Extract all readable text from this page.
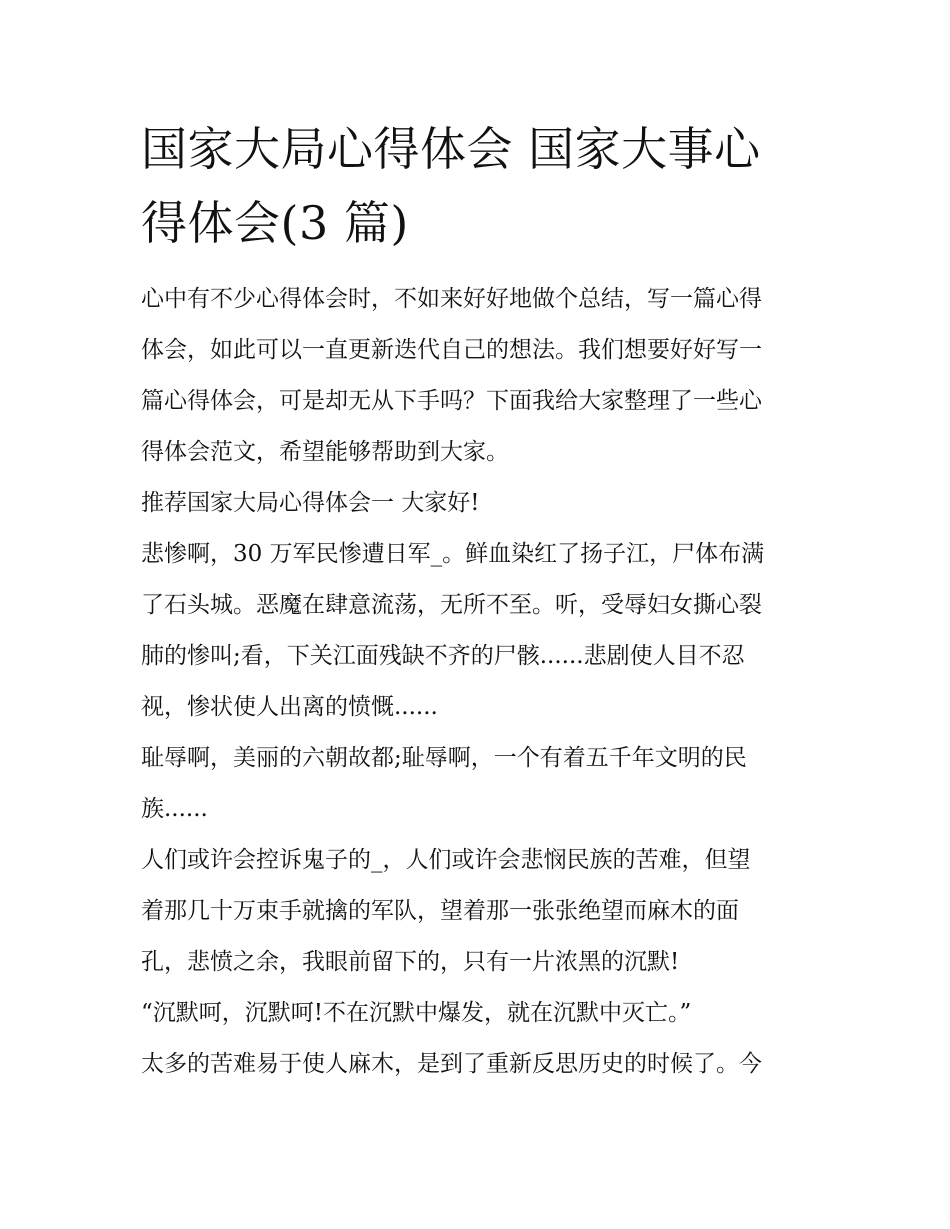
国家大局心得体会 国家大事心
得体会(3 篇)
心中有不少心得体会时，不如来好好地做个总结，写一篇心得
体会，如此可以一直更新迭代自己的想法。我们想要好好写一
篇心得体会，可是却无从下手吗？下面我给大家整理了一些心
得体会范文，希望能够帮助到大家。
推荐国家大局心得体会一 大家好!
悲惨啊，30 万军民惨遭日军_。鲜血染红了扬子江，尸体布满
了石头城。恶魔在肆意流荡，无所不至。听，受辱妇女撕心裂
肺的惨叫;看，下关江面残缺不齐的尸骸......悲剧使人目不忍
视，惨状使人出离的愤慨......
耻辱啊，美丽的六朝故都;耻辱啊，一个有着五千年文明的民
族......
人们或许会控诉鬼子的_，人们或许会悲悯民族的苦难，但望
着那几十万束手就擒的军队，望着那一张张绝望而麻木的面
孔，悲愤之余，我眼前留下的，只有一片浓黑的沉默!
“沉默呵，沉默呵!不在沉默中爆发，就在沉默中灭亡。”
太多的苦难易于使人麻木，是到了重新反思历史的时候了。今
